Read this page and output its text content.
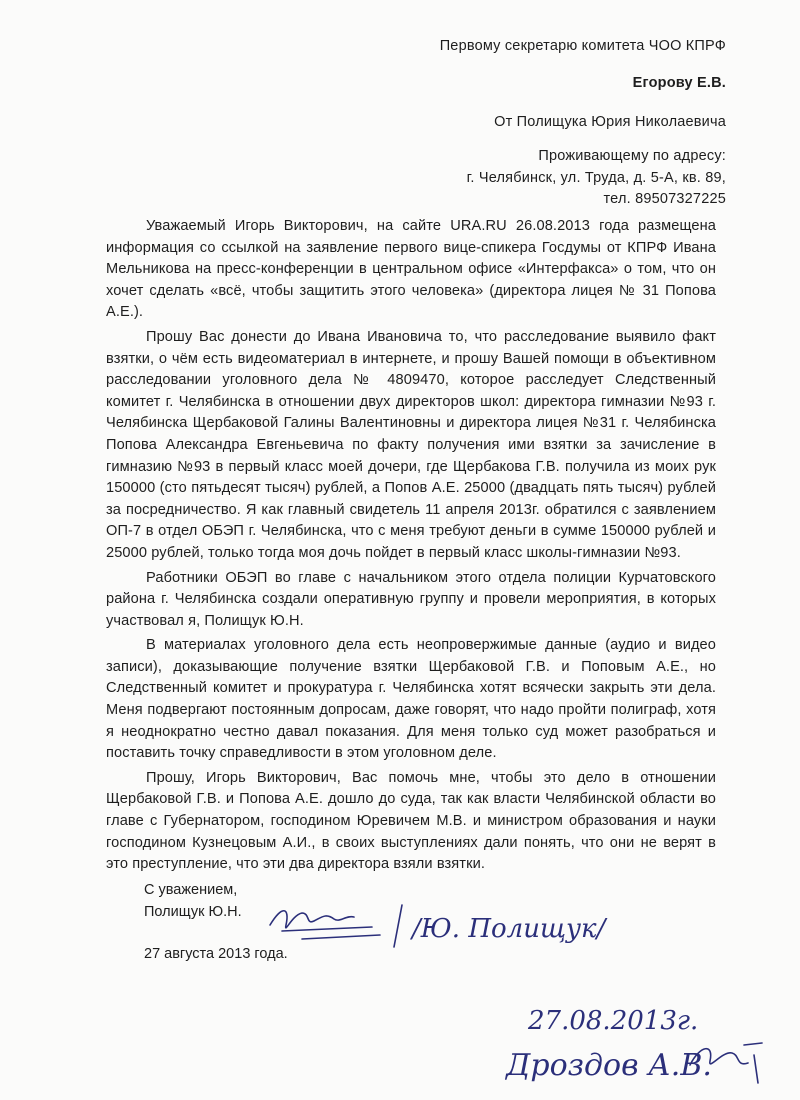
Первому секретарю комитета ЧОО КПРФ
Егорову Е.В.
От Полищука Юрия Николаевича
Проживающему по адресу:
г. Челябинск, ул. Труда, д. 5-А, кв. 89,
тел. 89507327225

Уважаемый Игорь Викторович, на сайте URA.RU 26.08.2013 года размещена информация со ссылкой на заявление первого вице-спикера Госдумы от КПРФ Ивана Мельникова на пресс-конференции в центральном офисе «Интерфакса» о том, что он хочет сделать «всё, чтобы защитить этого человека» (директора лицея № 31 Попова А.Е.).

Прошу Вас донести до Ивана Ивановича то, что расследование выявило факт взятки, о чём есть видеоматериал в интернете, и прошу Вашей помощи в объективном расследовании уголовного дела № 4809470, которое расследует Следственный комитет г. Челябинска в отношении двух директоров школ: директора гимназии №93 г. Челябинска Щербаковой Галины Валентиновны и директора лицея №31 г. Челябинска Попова Александра Евгеньевича по факту получения ими взятки за зачисление в гимназию №93 в первый класс моей дочери, где Щербакова Г.В. получила из моих рук 150000 (сто пятьдесят тысяч) рублей, а Попов А.Е. 25000 (двадцать пять тысяч) рублей за посредничество. Я как главный свидетель 11 апреля 2013г. обратился с заявлением ОП-7 в отдел ОБЭП г. Челябинска, что с меня требуют деньги в сумме 150000 рублей и 25000 рублей, только тогда моя дочь пойдет в первый класс школы-гимназии №93.

Работники ОБЭП во главе с начальником этого отдела полиции Курчатовского района г. Челябинска создали оперативную группу и провели мероприятия, в которых участвовал я, Полищук Ю.Н.

В материалах уголовного дела есть неопровержимые данные (аудио и видео записи), доказывающие получение взятки Щербаковой Г.В. и Поповым А.Е., но Следственный комитет и прокуратура г. Челябинска хотят всячески закрыть эти дела. Меня подвергают постоянным допросам, даже говорят, что надо пройти полиграф, хотя я неоднократно честно давал показания. Для меня только суд может разобраться и поставить точку справедливости в этом уголовном деле.

Прошу, Игорь Викторович, Вас помочь мне, чтобы это дело в отношении Щербаковой Г.В. и Попова А.Е. дошло до суда, так как власти Челябинской области во главе с Губернатором, господином Юревичем М.В. и министром образования и науки господином Кузнецовым А.И., в своих выступлениях дали понять, что они не верят в это преступление, что эти два директора взяли взятки.

С уважением,
Полищук Ю.Н.
27 августа 2013 года.
/Ю. Полищук/
27.08.2013г.
Дроздов А.В.
